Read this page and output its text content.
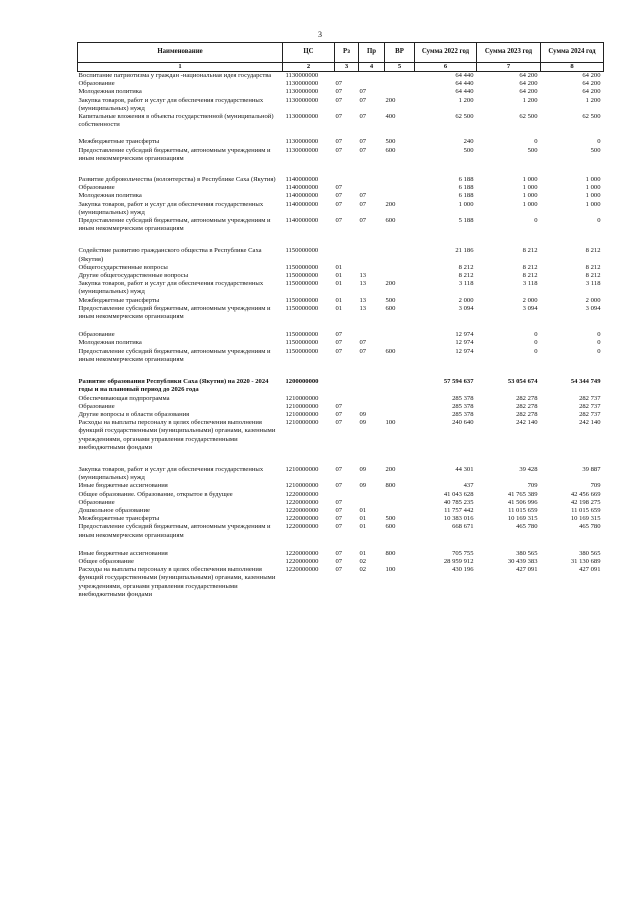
3
Наименование	ЦС	Рз	Пр	ВР	Сумма 2022 год	Сумма 2023 год	Сумма 2024 год
1	2	3	4	5	6	7	8
Воспитание патриотизма у граждан -национальная идея государства	1130000000				64 440	64 200	64 200
Образование	1130000000	07			64 440	64 200	64 200
Молодежная политика	1130000000	07	07		64 440	64 200	64 200
Закупка товаров, работ и услуг для обеспечения государственных (муниципальных) нужд	1130000000	07	07	200	1 200	1 200	1 200
Капитальные вложения в объекты государственной (муниципальной) собственности	1130000000	07	07	400	62 500	62 500	62 500
Межбюджетные трансферты	1130000000	07	07	500	240	0	0
Предоставление субсидий бюджетным, автономным учреждениям и иным некоммерческим организациям	1130000000	07	07	600	500	500	500
Развитие добровольчества (волонтерства) в Республике Саха (Якутия)	1140000000				6 188	1 000	1 000
Образование	1140000000	07			6 188	1 000	1 000
Молодежная политика	1140000000	07	07		6 188	1 000	1 000
Закупка товаров, работ и услуг для обеспечения государственных (муниципальных) нужд	1140000000	07	07	200	1 000	1 000	1 000
Предоставление субсидий бюджетным, автономным учреждениям и иным некоммерческим организациям	1140000000	07	07	600	5 188	0	0
Содействие развитию гражданского общества в Республике Саха (Якутия)	1150000000				21 186	8 212	8 212
Общегосударственные вопросы	1150000000	01			8 212	8 212	8 212
Другие общегосударственные вопросы	1150000000	01	13		8 212	8 212	8 212
Закупка товаров, работ и услуг для обеспечения государственных (муниципальных) нужд	1150000000	01	13	200	3 118	3 118	3 118
Межбюджетные трансферты	1150000000	01	13	500	2 000	2 000	2 000
Предоставление субсидий бюджетным, автономным учреждениям и иным некоммерческим организациям	1150000000	01	13	600	3 094	3 094	3 094
Образование	1150000000	07			12 974	0	0
Молодежная политика	1150000000	07	07		12 974	0	0
Предоставление субсидий бюджетным, автономным учреждениям и иным некоммерческим организациям	1150000000	07	07	600	12 974	0	0
Развитие образования Республики Саха (Якутия) на 2020 - 2024 годы и на плановый период до 2026 года	1200000000				57 594 637	53 054 674	54 344 749
Обеспечивающая подпрограмма	1210000000				285 378	282 278	282 737
Образование	1210000000	07			285 378	282 278	282 737
Другие вопросы в области образования	1210000000	07	09		285 378	282 278	282 737
Расходы на выплаты персоналу в целях обеспечения выполнения функций государственными (муниципальными) органами, казенными учреждениями, органами управления государственными внебюджетными фондами	1210000000	07	09	100	240 640	242 140	242 140
Закупка товаров, работ и услуг для обеспечения государственных (муниципальных) нужд	1210000000	07	09	200	44 301	39 428	39 887
Иные бюджетные ассигнования	1210000000	07	09	800	437	709	709
Общее образование. Образование, открытое в будущее	1220000000				41 043 628	41 765 389	42 456 669
Образование	1220000000	07			40 785 235	41 506 996	42 198 275
Дошкольное образование	1220000000	07	01		11 757 442	11 015 659	11 015 659
Межбюджетные трансферты	1220000000	07	01	500	10 383 016	10 169 315	10 169 315
Предоставление субсидий бюджетным, автономным учреждениям и иным некоммерческим организациям	1220000000	07	01	600	668 671	465 780	465 780
Иные бюджетные ассигнования	1220000000	07	01	800	705 755	380 565	380 565
Общее образование	1220000000	07	02		28 959 912	30 439 383	31 130 689
Расходы на выплаты персоналу в целях обеспечения выполнения функций государственными (муниципальными) органами, казенными учреждениями, органами управления государственными внебюджетными фондами	1220000000	07	02	100	430 196	427 091	427 091
